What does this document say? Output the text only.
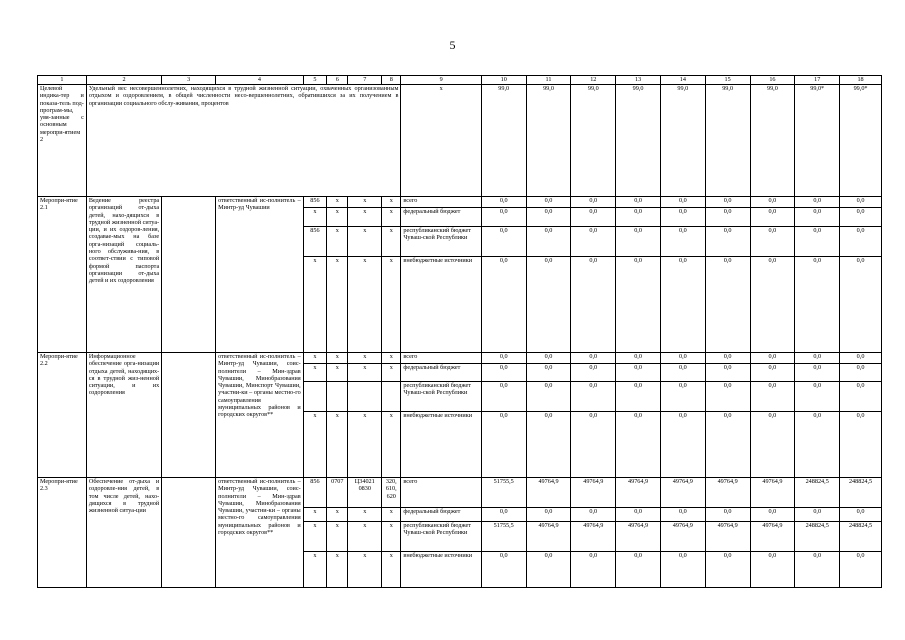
5
1	2	3	4	5	6	7	8	9	10	11	12	13	14	15	16	17	18
Целевой индика-тер и показа-тель под-програм-мы, увя-занные с основным меропри-ятием 2	Удельный вес несовершеннолетних, находящихся в трудной жизненной ситуации, охваченных организованным отдыхом и оздоровлением, в общей численности несо-вершеннолетних, обратившихся за их получением в организации социального обслу-живания, процентов							х	99,0	99,0	99,0	99,0	99,0	99,0	99,0	99,0*	99,0*
Меропри-ятие 2.1	Ведение реестра организаций от-дыха детей, нахо-дящихся в трудной жизненной ситуа-ции, и их оздоров-ления, создавае-мых на базе орга-низаций социаль-ного обслужива-ния, в соответ-ствии с типовой формой паспорта организации от-дыха детей и их оздоровления		ответственный ис-полнитель – Минтр-уд Чувашии	856	х	х	х	всего	0,0	0,0	0,0	0,0	0,0	0,0	0,0	0,0	0,0
				х	х	х	х	федеральный бюджет	0,0	0,0	0,0	0,0	0,0	0,0	0,0	0,0	0,0
				856	х	х	х	республиканский бюджет Чуваш-ской Республики	0,0	0,0	0,0	0,0	0,0	0,0	0,0	0,0	0,0
				х	х	х	х	внебюджетные источники	0,0	0,0	0,0	0,0	0,0	0,0	0,0	0,0	0,0
Меропри-ятие 2.2	Информационное обеспечение орга-низации отдыха детей, находящих-ся в трудной жиз-ненной ситуации, и их оздоровления		ответственный ис-полнитель – Минтр-уд Чувашии, соис-полнители – Мин-здрав Чувашии, Минобразования Чувашии, Минспорт Чувашии, участни-ки – органы местно-го самоуправления муниципальных районов и городских округов**	х	х	х	х	всего	0,0	0,0	0,0	0,0	0,0	0,0	0,0	0,0	0,0
				х	х	х	х	федеральный бюджет	0,0	0,0	0,0	0,0	0,0	0,0	0,0	0,0	0,0
								республиканский бюджет Чуваш-ской Республики	0,0	0,0	0,0	0,0	0,0	0,0	0,0	0,0	0,0
				х	х	х	х	внебюджетные источники	0,0	0,0	0,0	0,0	0,0	0,0	0,0	0,0	0,0
Меропри-ятие 2.3	Обеспечение от-дыха и оздоровле-ния детей, в том числе детей, нахо-дящихся в трудной жизненной ситуа-ции		ответственный ис-полнитель – Минтр-уд Чувашии, соис-полнители – Мин-здрав Чувашии, Минобразования Чувашии, участни-ки – органы местно-го самоуправления муниципальных районов и городских округов**	856	0707	Ц34021 0830	320, 610, 620	всего	51755,5	49764,9	49764,9	49764,9	49764,9	49764,9	49764,9	248824,5	248824,5
				х	х	х	х	федеральный бюджет	0,0	0,0	0,0	0,0	0,0	0,0	0,0	0,0	0,0
				х	х	х	х	республиканский бюджет Чуваш-ской Республики	51755,5	49764,9	49764,9	49764,9	49764,9	49764,9	49764,9	248824,5	248824,5
				х	х	х	х	внебюджетные источники	0,0	0,0	0,0	0,0	0,0	0,0	0,0	0,0	0,0
